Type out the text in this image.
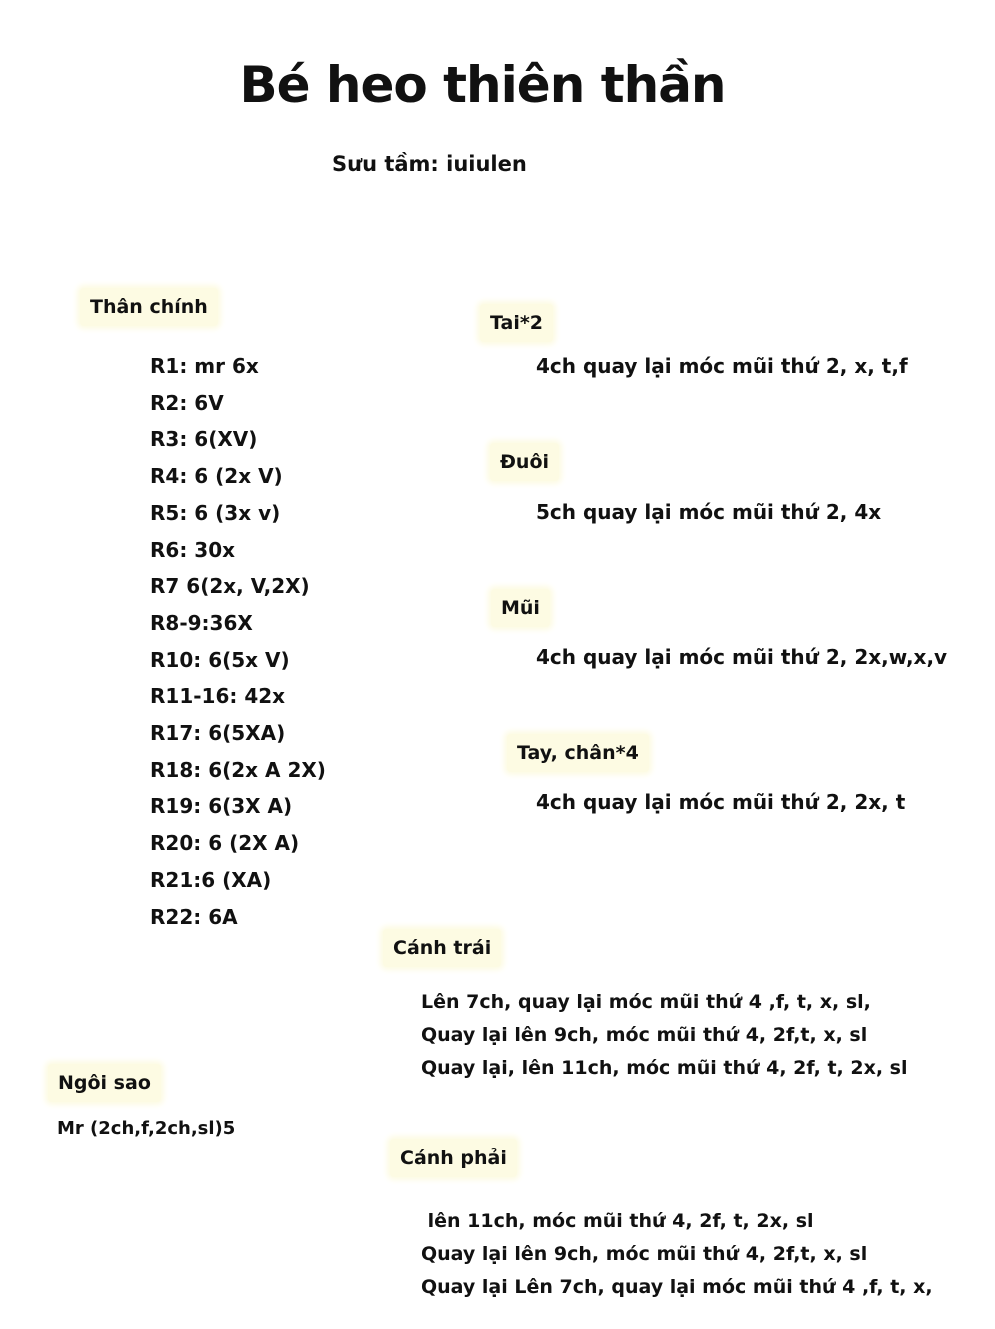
Bé heo thiên thần
Sưu tầm: iuiulen
Thân chính
R1: mr 6x
R2: 6V
R3: 6(XV)
R4: 6 (2x V)
R5: 6 (3x v)
R6: 30x
R7 6(2x, V,2X)
R8-9:36X
R10: 6(5x V)
R11-16: 42x
R17: 6(5XA)
R18: 6(2x A 2X)
R19: 6(3X A)
R20: 6 (2X A)
R21:6 (XA)
R22: 6A
Tai*2
4ch quay lại móc mũi thứ 2, x, t,f
Đuôi
5ch quay lại móc mũi thứ 2, 4x
Mũi
4ch quay lại móc mũi thứ 2, 2x,w,x,v
Tay, chân*4
4ch quay lại móc mũi thứ 2, 2x, t
Cánh trái
Lên 7ch, quay lại móc mũi thứ 4 ,f, t, x, sl,
Quay lại lên 9ch, móc mũi thứ 4, 2f,t, x, sl
Quay lại, lên 11ch, móc mũi thứ 4, 2f, t, 2x, sl
Ngôi sao
Mr (2ch,f,2ch,sl)5
Cánh phải
lên 11ch, móc mũi thứ 4, 2f, t, 2x, sl
Quay lại lên 9ch, móc mũi thứ 4, 2f,t, x, sl
Quay lại Lên 7ch, quay lại móc mũi thứ 4 ,f, t, x,
